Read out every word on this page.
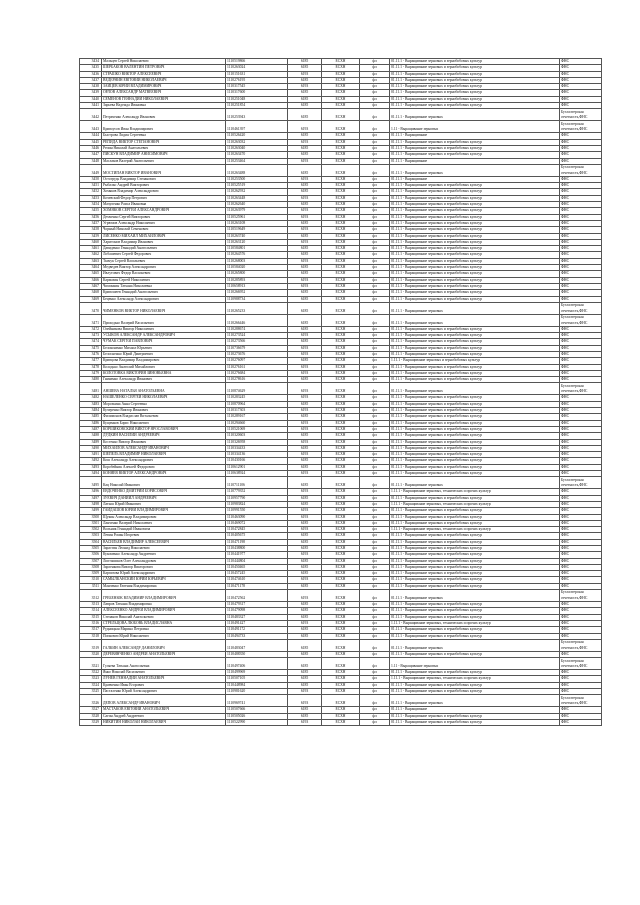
3434	Мальцев Сергей Николаевич	1110519866	6185	ЕСХН	фл	01.11.1 - Выращивание зерновых и зернобобовых культур	ФНС
3435	ШЕРБАКОВ ВАЛЕНТИН ПЕТРОВИЧ	1110263024	6185	ЕСХН	фл	01.11.1 - Выращивание зерновых и зернобобовых культур	ФНС
3436	СТРАШКО ВИКТОР АЛЕКСЕЕВИЧ	1110151631	6193	ЕСХН	фл	01.11.1 - Выращивание зерновых и зернобобовых культур	ФНС
3437	ВЕДЕРНИН ЕВГЕНИЙ НИКОЛАЕВИЧ	1110276195	6185	ЕСХН	фл	01.11.1 - Выращивание зерновых и зернобобовых культур	ФНС
3438	ЗАЙЦЕВ ЮРИЙ ВЛАДИМИРОВИЧ	1110317545	6193	ЕСХН	фл	01.11.1 - Выращивание зерновых и зернобобовых культур	ФНС
3439	ОРЛОВ АЛЕКСАНДР МАТВЕЕВИЧ	1110317600	6185	ЕСХН	фл	01.11.1 - Выращивание зерновых и зернобобовых культур	ФНС
3440	СЕМЁНОВ ГЕННАДИЙ НИКОЛАЕВИЧ	1110251048	6185	ЕСХН	фл	01.11.1 - Выращивание зерновых и зернобобовых культур	ФНС
3441	Зарьева Надежда Ивановна	1110251854	6185	ЕСХН	фл	01.11.1 - Выращивание зерновых и зернобобовых культур	ФНС
3442	Петраченко Александр Иванович	1110253943	6185	ЕСХН	фл	01.11.1 - Выращивание зерновых	Бухгалтерская отчетность,ФНС
3443	Кривоусов Иван Владимирович	1110461397	6193	ЕСХН	фл	1.11 - Выращивание зерновых	Бухгалтерская отчетность,ФНС
3444	Быстрова Лидия Сергеевна	1110526420	6185	ЕСХН	фл	01.11.1 - Выращивание	ФНС
3445	РЕПИДА ВИКТОР СТЕПАНОВИЧ	1110263032	6193	ЕСХН	фл	01.11.1 - Выращивание зерновых и зернобобовых культур	ФНС
3446	Репин Николай Анатольевич	1110263040	6185	ЕСХН	фл	01.11.1 - Выращивание зерновых и зернобобовых культур	ФНС
3447	ПИСКУН ВЛАДИМИР АНИСИМОВИЧ	1110263470	6185	ЕСХН	фл	01.11.1 - Выращивание зерновых и зернобобовых культур	ФНС
3448	Маслаков Валерий Анатольевич	1110253464	6193	ЕСХН	фл	01.11.1 - Выращивание	ФНС
3449	МОСТИПАН ВИКТОР ИВАНОВИЧ	1110263488	6185	ЕСХН	фл	01.11.1 - Выращивание зерновых	Бухгалтерская отчетность,ФНС
3450	Остогрудь Владимир Степанович	1110253500	6193	ЕСХН	фл	01.11.1 - Выращивание	ФНС
3451	Рыбалко Андрей Викторович	1110525519	6185	ЕСХН	фл	01.11.1 - Выращивание зерновых и зернобобовых культур	ФНС
3452	Хомяков Владимир Александрович	1110262932	6185	ЕСХН	фл	01.11.1 - Выращивание зерновых и зернобобовых культур	ФНС
3453	Кочевский Федор Петрович	1110263448	6193	ЕСХН	фл	01.11.1 - Выращивание зерновых и зернобобовых культур	ФНС
3454	Мачуленко Раиса Ивановна	1110262640	6185	ЕСХН	фл	01.11.1 - Выращивание зерновых и зернобобовых культур	ФНС
3455	ХОМЯКОВ СЕРГЕЙ АЛЕКСАНДРОВИЧ	1110263979	6193	ЕСХН	фл	01.11.1 - Выращивание зерновых и зернобобовых культур	ФНС
3456	Демченко Сергей Викторович	1110525961	6193	ЕСХН	фл	01.11.1 - Выращивание зерновых и зернобобовых культур	ФНС
3457	Угрюмов Александр Николаевич	1110263108	6185	ЕСХН	фл	01.11.1 - Выращивание зерновых и зернобобовых культур	ФНС
3458	Чорный Николай Семенович	1110519649	6193	ЕСХН	фл	01.11.1 - Выращивание зерновых и зернобобовых культур	ФНС
3459	ЛИСЕНКО МИХАИЛ МИХАЙЛОВИЧ	1110263740	6185	ЕСХН	фл	01.11.1 - Выращивание зерновых и зернобобовых культур	ФНС
3460	Харитонов Владимир Иванович	1110263120	6193	ЕСХН	фл	01.11.1 - Выращивание зерновых и зернобобовых культур	ФНС
3461	Давиденко Геннадий Анатольевич	1110584801	6185	ЕСХН	фл	01.11.1 - Выращивание зерновых и зернобобовых культур	ФНС
3462	Лобашевич Сергей Федорович	1110264576	6185	ЕСХН	фл	01.11.1 - Выращивание зерновых и зернобобовых культур	ФНС
3463	Ткачук Сергей Васильевич	1110268003	6193	ЕСХН	фл	01.11.1 - Выращивание зерновых и зернобобовых культур	ФНС
3464	Медведев Виктор Александрович	1110584020	6185	ЕСХН	фл	01.11.1 - Выращивание зерновых и зернобобовых культур	ФНС
3465	Ивлутович Федор Васильевич	1110265800	6185	ЕСХН	фл	01.11.1 - Выращивание зерновых и зернобобовых культур	ФНС
3466	Кармазин Сергей Николаевич	1110285893	6193	ЕСХН	фл	01.11.1 - Выращивание зерновых и зернобобовых культур	ФНС
3467	Чимонкин Татьяна Николаевна	1110658913	6193	ЕСХН	фл	01.11.1 - Выращивание зерновых и зернобобовых культур	ФНС
3468	Кривошеев Геннадий Анатольевич	1110266952	6185	ЕСХН	фл	01.11.1 - Выращивание зерновых и зернобобовых культур	ФНС
3469	Беценко Александр Александрович	1110988734	6185	ЕСХН	фл	01.11.1 - Выращивание зерновых и зернобобовых культур	ФНС
3470	ЧИМЕНКОВ ВИКТОР НИКОЛАЕВИЧ	1110265233	6185	ЕСХН	фл	01.11.1 - Выращивание зерновых	Бухгалтерская отчетность,ФНС
3471	Приходько Валерий Васильевич	1110266446	6185	ЕСХН	фл	01.11.1 - Выращивание зерновых	Бухгалтерская отчетность,ФНС
3472	Олейникова Виктор Николаевич	1110288674	6185	ЕСХН	фл	01.11.1 - Выращивание зерновых и зернобобовых культур	ФНС
3473	УСЫКОВ АЛЕКСАНДР АЛЕКСАНДРОВИЧ	1110273524	6193	ЕСХН	фл	01.11.1 - Выращивание зерновых и зернобобовых культур	ФНС
3474	ЧУМАК СЕРГЕЙ ПАВЛОВИЧ	1110273566	6185	ЕСХН	фл	01.11.1 - Выращивание зерновых и зернобобовых культур	ФНС
3475	Белоконенко Михаил Юрьевич	1110736679	6193	ЕСХН	фл	01.11.1 - Выращивание зерновых и зернобобовых культур	ФНС
3476	Белоснежко Юрий Дмитриевич	1110273676	6193	ЕСХН	фл	01.11.1 - Выращивание зерновых и зернобобовых культур	ФНС
3477	Кривцова Владимир Владимирович	1110276097	6185	ЕСХН	фл	1.11.1 - Выращивание зерновых и зернобобовых культур	ФНС
3478	Колодько Анатолий Михайлович	1110276161	6193	ЕСХН	фл	01.11.1 - Выращивание зерновых и зернобобовых культур	ФНС
3479	КОЛОТОВКА ВИКТОРИЯ ЗИНОВЬЕВНА	1110276684	6193	ЕСХН	фл	01.11.1 - Выращивание зерновых и зернобобовых культур	ФНС
3480	Гниненко Александр Иванович	1110278616	6185	ЕСХН	фл	01.11.1 - Выращивание зерновых и зернобобовых культур	ФНС
3481	АНШЕВА НАТАЛЬЯ АНАТОЛЬЕВНА	1110874629	6193	ЕСХН	фл	01.11.1 - Выращивание зерновых	Бухгалтерская отчетность,ФНС
3482	НАШЕЛЕНКО СЕРГЕЙ НИКОЛАЕВИЧ	1110283245	6193	ЕСХН	фл	01.11.1 - Выращивание зерновых и зернобобовых культур	ФНС
3483	Морозкина Анна Сергеевна	1110870964	6185	ЕСХН	фл	01.11.1 - Выращивание зерновых и зернобобовых культур	ФНС
3484	Кучеренко Виктор Иванович	1110317303	6193	ЕСХН	фл	01.11.1 - Выращивание зерновых и зернобобовых культур	ФНС
3485	Филимонов Владислав Витальевич	1110289167	6185	ЕСХН	фл	01.11.1 - Выращивание зерновых и зернобобовых культур	ФНС
3486	Кущенков Борис Николаевич	1110294660	6193	ЕСХН	фл	01.11.1 - Выращивание зерновых и зернобобовых культур	ФНС
3487	КОРШИКОВСКИЙ ВИКТОР ЯРОСЛАВОВИЧ	1110521069	6193	ЕСХН	фл	01.11.1 - Выращивание зерновых и зернобобовых культур	ФНС
3488	ДУДКИН ВАСИЛИЙ АНДРЕЕВИЧ	1110320603	6185	ЕСХН	фл	01.11.1 - Выращивание зерновых и зернобобовых культур	ФНС
3489	Костенко Виктор Иванович	1110326958	6193	ЕСХН	фл	01.11.1 - Выращивание зерновых и зернобобовых культур	ФНС
3490	МИХАЙЛОВ АЛЕКСАНДР ИВАНОВИЧ	1110334433	6185	ЕСХН	фл	01.11.1 - Выращивание зерновых и зернобобовых культур	ФНС
3491	ШЕПЕЛЬ ВЛАДИМИР НИКОЛАЕВИЧ	1110334136	6193	ЕСХН	фл	01.11.1 - Выращивание зерновых и зернобобовых культур	ФНС
3492	Кош Александр Александрович	1110430166	6185	ЕСХН	фл	01.11.1 - Выращивание зерновых и зернобобовых культур	ФНС
3493	Коробейник Алексей Федорович	1110612901	6185	ЕСХН	фл	01.11.1 - Выращивание зерновых и зернобобовых культур	ФНС
3494	КОНЯЕВ ВИКТОР АЛЕКСАНДРОВИЧ	1110638924	6193	ЕСХН	фл	01.11.1 - Выращивание зерновых и зернобобовых культур	ФНС
3495	Кац Николай Иванович	1110711106	6185	ЕСХН	фл	01.11.1 - Выращивание зерновых	Бухгалтерская отчетность,ФНС
3496	ЕВДОЧЕНКО ДМИТРИЙ БОРИСОВИЧ	1110779352	6193	ЕСХН	фл	1.11.1 - Выращивание зерновых, технических и прочих культур	ФНС
3497	ЗУЕВИЧ ДАНИИЛ АНДРЕЕВИЧ	1110957790	6185	ЕСХН	фл	01.11.1 - Выращивание зерновых и зернобобовых культур	ФНС
3498	Латыш Юрий Иванович	1110983824	6185	ЕСХН	фл	1.11.1 - Выращивание зерновых, технических и прочих культур	ФНС
3499	ГАЙДАШОВ ЮРИЙ ВЛАДИМИРОВИЧ	1110991550	6193	ЕСХН	фл	01.11.1 - Выращивание зерновых и зернобобовых культур	ФНС
3500	Щукин Александр Владимирович	1110463090	6193	ЕСХН	фл	01.11.1 - Выращивание зерновых и зернобобовых культур	ФНС
3501	Ланченко Валерий Николаевич	1110469072	6185	ЕСХН	фл	01.11.1 - Выращивание зерновых и зернобобовых культур	ФНС
3502	Вольник Геннадий Ивановича	1110472845	6193	ЕСХН	фл	1.11.1 - Выращивание зерновых, технических и прочих культур	ФНС
3503	Левин Роман Игоревич	1110405675	6185	ЕСХН	фл	01.11.1 - Выращивание зерновых и зернобобовых культур	ФНС
3504	ВАСИЛЬЕВ ВЛАДИМИР АЛЕКСЕЕВИЧ	1110471198	6185	ЕСХН	фл	01.11.1 - Выращивание зерновых и зернобобовых культур	ФНС
3505	Зарастин Леонид Николаевич	1110438800	6185	ЕСХН	фл	01.11.1 - Выращивание зерновых и зернобобовых культур	ФНС
3506	Кукоменко Александр Андреевич	1110441977	6193	ЕСХН	фл	01.11.1 - Выращивание зерновых и зернобобовых культур	ФНС
3507	Лопташиков Олег Александрович	1110444804	6185	ЕСХН	фл	01.11.1 - Выращивание зерновых и зернобобовых культур	ФНС
3508	Зарленкова Виктор Викторович	1110450465	6185	ЕСХН	фл	01.11.1 - Выращивание зерновых и зернобобовых культур	ФНС
3509	Карпатова Юрий Александрович	1110457245	6185	ЕСХН	фл	01.11.1 - Выращивание зерновых и зернобобовых культур	ФНС
3510	САМЫЛКАНСКИЙ ЮРИЙ ЮРЬЕВИЧ	1110474610	6193	ЕСХН	фл	01.11.1 - Выращивание зерновых и зернобобовых культур	ФНС
3511	Манченко Евгения Владимировна	1110471178	6185	ЕСХН	фл	01.11.1 - Выращивание зерновых и зернобобовых культур	ФНС
3512	ГРЕБЕНЮК ВЛАДИМИР ВЛАДИМИРОВИЧ	1110472562	6193	ЕСХН	фл	01.11.1 - Выращивание зерновых	Бухгалтерская отчетность,ФНС
3513	Лавров Татьяна Владимировна	1110479317	6185	ЕСХН	фл	01.11.1 - Выращивание зерновых и зернобобовых культур	ФНС
3514	АЛЕКСЕЕНКО АНДРЕЙ ВЛАДИМИРОВИЧ	1110479098	6185	ЕСХН	фл	01.11.1 - Выращивание зерновых и зернобобовых культур	ФНС
3515	Степанов Николай Анатольевич	1110483327	6185	ЕСХН	фл	01.11.1 - Выращивание зерновых и зернобобовых культур	ФНС
3516	СТРЕЛЬЦОВА ЛЮБОВЬ ВЛАДИСЛАВНА	1110491427	6193	ЕСХН	фл	1.11.1 - Выращивание зерновых, технических и прочих культур	ФНС
3517	Рудницкая Марина Петровна	1110491172	6185	ЕСХН	фл	01.11.1 - Выращивание зерновых и зернобобовых культур	ФНС
3518	Попкович Юрий Николаевич	1110494733	6185	ЕСХН	фл	01.11.1 - Выращивание зерновых и зернобобовых культур	ФНС
3519	ГАЛКИН АЛЕКСАНДР ДАНИЛОВИЧ	1110483047	6185	ЕСХН	фл	01.11.1 - Выращивание зерновых	Бухгалтерская отчетность,ФНС
3520	ДЕРЕВЯНЧЕНКО АНДРЕЙ АНАТОЛЬЕВИЧ	1110488350	6185	ЕСХН	фл	01.11.1 - Выращивание зерновых и зернобобовых культур	ФНС
3521	Гуляева Татьяна Анатольевна	1110497406	6185	ЕСХН	фл	1.11 - Выращивание зерновых	Бухгалтерская отчетность,ФНС
3522	Янко Николай Васильевич	1110499969	6185	ЕСХН	фл	01.11.1 - Выращивание зерновых и зернобобовых культур	ФНС
3523	ЛУНЕВ ГЕННАДИЙ АНАТОЛЬЕВИЧ	1110507105	6185	ЕСХН	фл	1.11.1 - Выращивание зерновых, технических и прочих культур	ФНС
3524	Кравченко Иван Егорович	1110448984	6185	ЕСХН	фл	01.11.1 - Выращивание зерновых и зернобобовых культур	ФНС
3525	Пасталенко Юрий Александрович	1110981620	6193	ЕСХН	фл	01.11.1 - Выращивание зерновых и зернобобовых культур	ФНС
3526	ДЕПОВ АЛЕКСАНДР ИВАНОВИЧ	1110969741	6193	ЕСХН	фл	01.11.1 - Выращивание зерновых	Бухгалтерская отчетность,ФНС
3527	МАСТАКОВ ЕВГЕНИЙ АНАТОЛЬЕВИЧ	1110507666	6185	ЕСХН	фл	01.11.1 - Выращивание	ФНС
3528	Сагин Андрей Андреевич	1110505026	6185	ЕСХН	фл	01.11.1 - Выращивание зерновых и зернобобовых культур	ФНС
3529	НИКИТИН НИКОЛАЙ НИКОЛАЕВИЧ	1110522990	6193	ЕСХН	фл	01.11.1 - Выращивание зерновых и зернобобовых культур	ФНС
